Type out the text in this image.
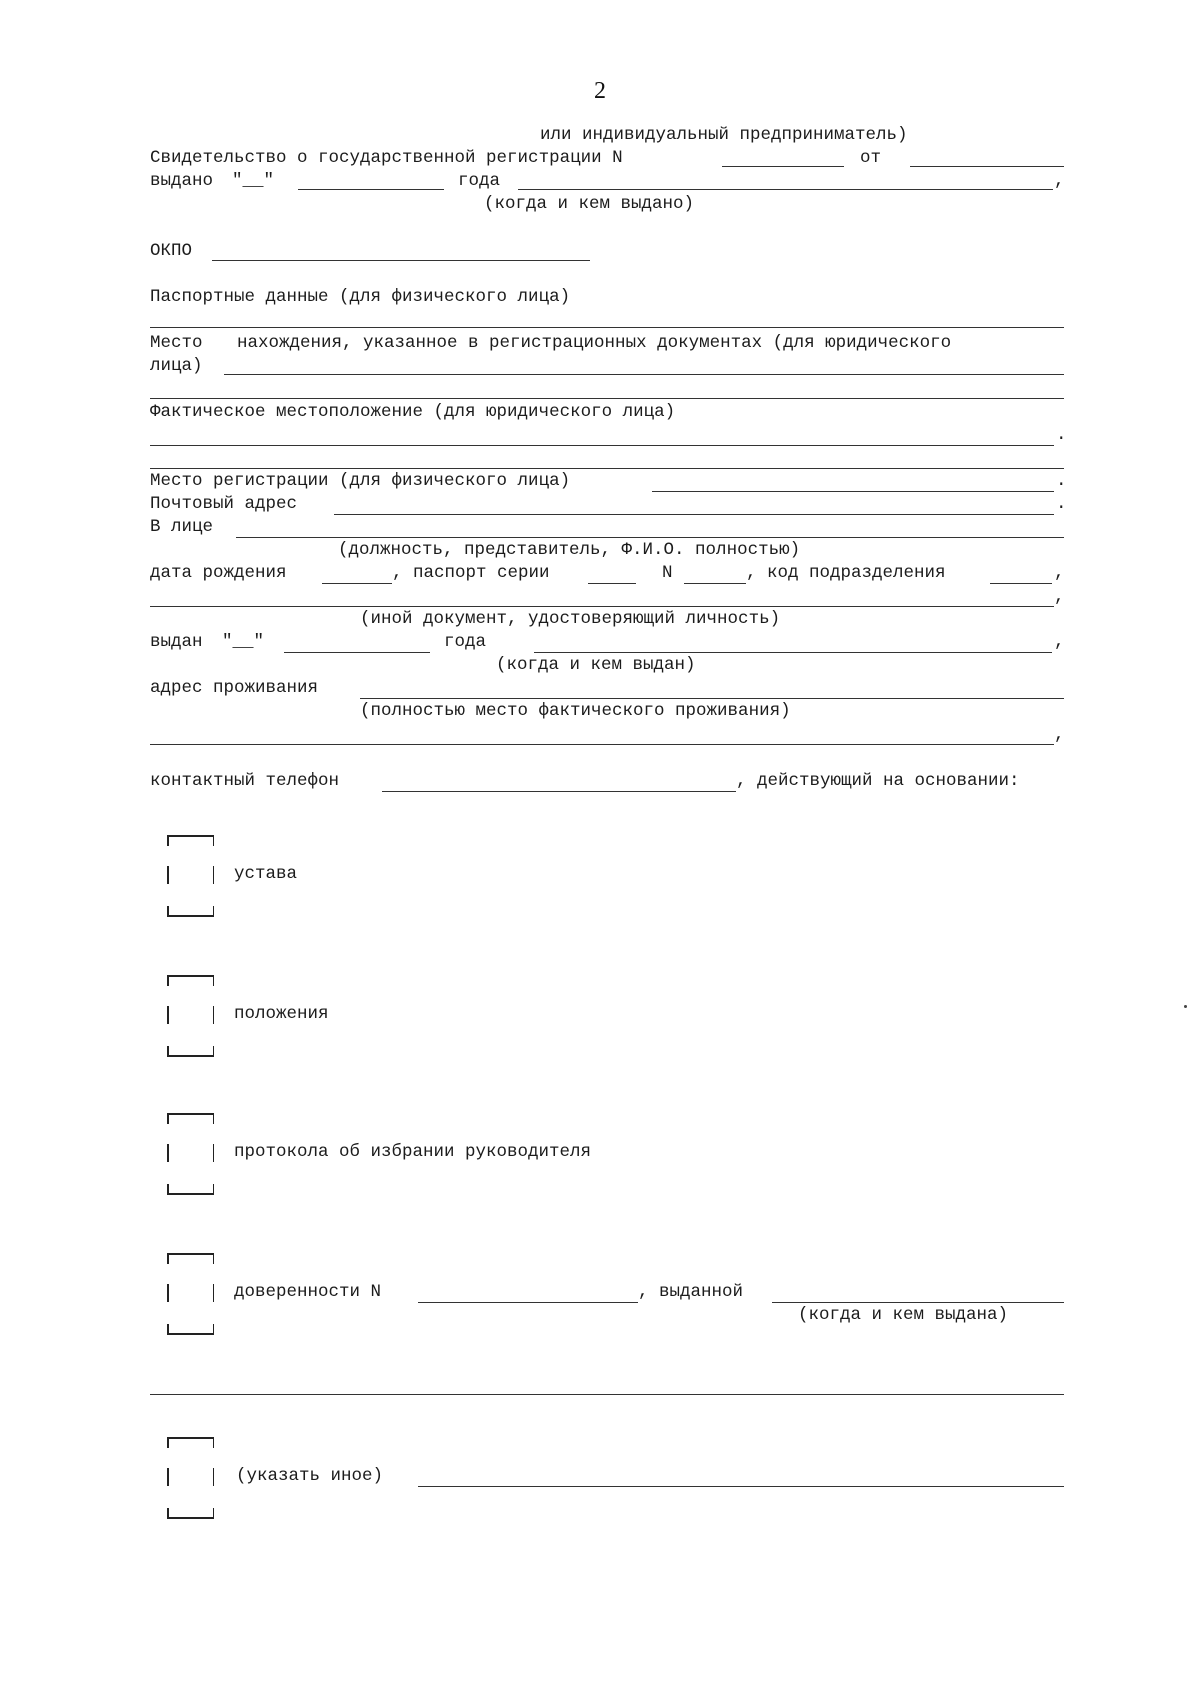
2
или индивидуальный предприниматель)
Свидетельство о государственной регистрации N	от
выдано "__"	года	,
(когда и кем выдано)
ОКПО
Паспортные данные (для физического лица)
Место нахождения, указанное в регистрационных документах (для юридического
лица)
Фактическое местоположение (для юридического лица)
.
Место регистрации (для физического лица)	.
Почтовый адрес	.
В лице
(должность, представитель, Ф.И.О. полностью)
дата рождения	, паспорт серии	N	, код подразделения	,
,
(иной документ, удостоверяющий личность)
выдан "__"	года	,
(когда и кем выдан)
адрес проживания
(полностью место фактического проживания)
,
контактный телефон	, действующий на основании:
устава
положения
протокола об избрании руководителя
доверенности N	, выданной
(когда и кем выдана)
(указать иное)
